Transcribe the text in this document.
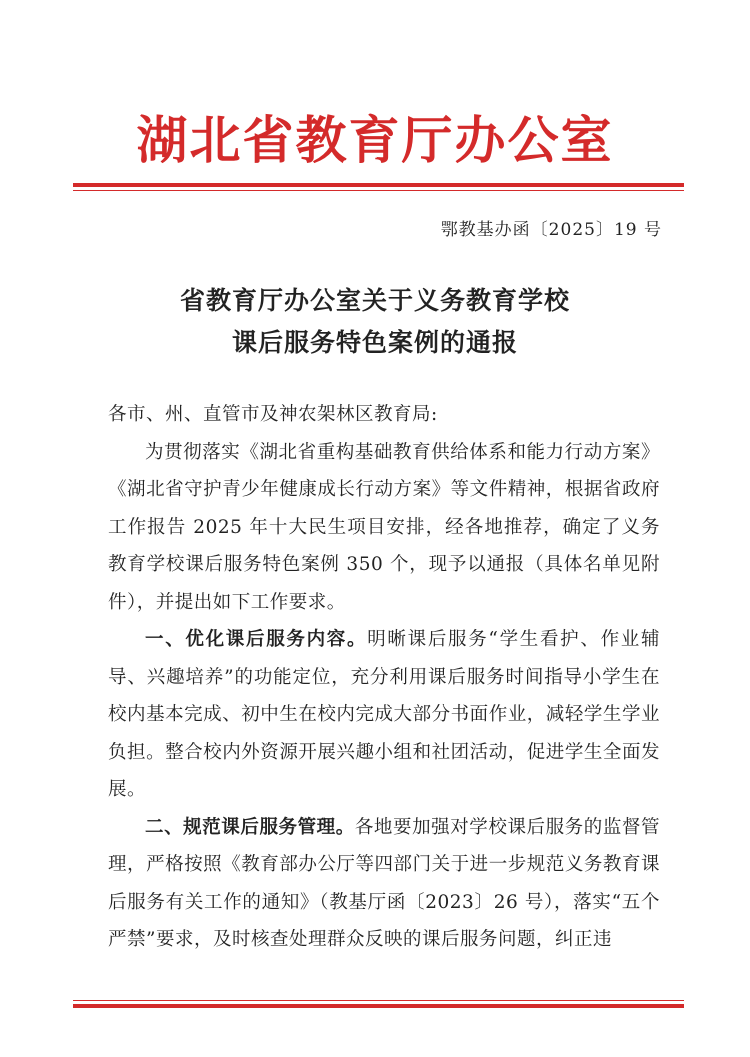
湖北省教育厅办公室
鄂教基办函〔2025〕19 号
省教育厅办公室关于义务教育学校
课后服务特色案例的通报

各市、州、直管市及神农架林区教育局:

为贯彻落实《湖北省重构基础教育供给体系和能力行动方案》《湖北省守护青少年健康成长行动方案》等文件精神，根据省政府工作报告 2025 年十大民生项目安排，经各地推荐，确定了义务教育学校课后服务特色案例 350 个，现予以通报（具体名单见附件），并提出如下工作要求。

一、优化课后服务内容。明晰课后服务“学生看护、作业辅导、兴趣培养”的功能定位，充分利用课后服务时间指导小学生在校内基本完成、初中生在校内完成大部分书面作业，减轻学生学业负担。整合校内外资源开展兴趣小组和社团活动，促进学生全面发展。

二、规范课后服务管理。各地要加强对学校课后服务的监督管理，严格按照《教育部办公厅等四部门关于进一步规范义务教育课后服务有关工作的通知》（教基厅函〔2023〕26 号），落实“五个严禁”要求，及时核查处理群众反映的课后服务问题，纠正违
